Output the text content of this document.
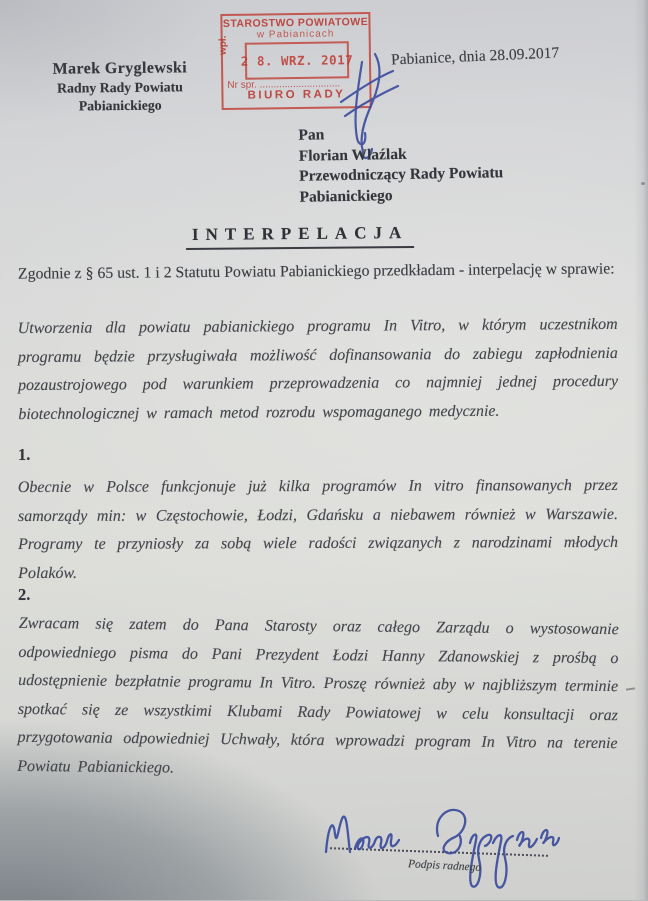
Marek Gryglewski
Radny Rady Powiatu
Pabianickiego
STAROSTWO POWIATOWE
w Pabianicach
wpł.
2 8. WRZ. 2017
Nr spr. .............................
BIURO RADY
Pabianice, dnia 28.09.2017
Pan
Florian Wlaźlak
Przewodniczący Rady Powiatu
Pabianickiego
INTERPELACJA
Zgodnie z § 65 ust. 1 i 2 Statutu Powiatu Pabianickiego przedkładam - interpelację w sprawie:
Utworzenia dla powiatu pabianickiego programu In Vitro, w którym uczestnikom programu będzie przysługiwała możliwość dofinansowania do zabiegu zapłodnienia pozaustrojowego pod warunkiem przeprowadzenia co najmniej jednej procedury biotechnologicznej w ramach metod rozrodu wspomaganego medycznie.
1.
Obecnie w Polsce funkcjonuje już kilka programów In vitro finansowanych przez samorządy min: w Częstochowie, Łodzi, Gdańsku a niebawem również w Warszawie. Programy te przyniosły za sobą wiele radości związanych z narodzinami młodych Polaków.
2.
Zwracam się zatem do Pana Starosty oraz całego Zarządu o wystosowanie odpowiedniego pisma do Pani Prezydent Łodzi Hanny Zdanowskiej z prośbą o udostępnienie bezpłatnie programu In Vitro. Proszę również aby w najbliższym terminie spotkać się ze wszystkimi Klubami Rady Powiatowej w celu konsultacji oraz przygotowania odpowiedniej Uchwały, która wprowadzi program In Vitro na terenie Powiatu Pabianickiego.
Podpis radnego
